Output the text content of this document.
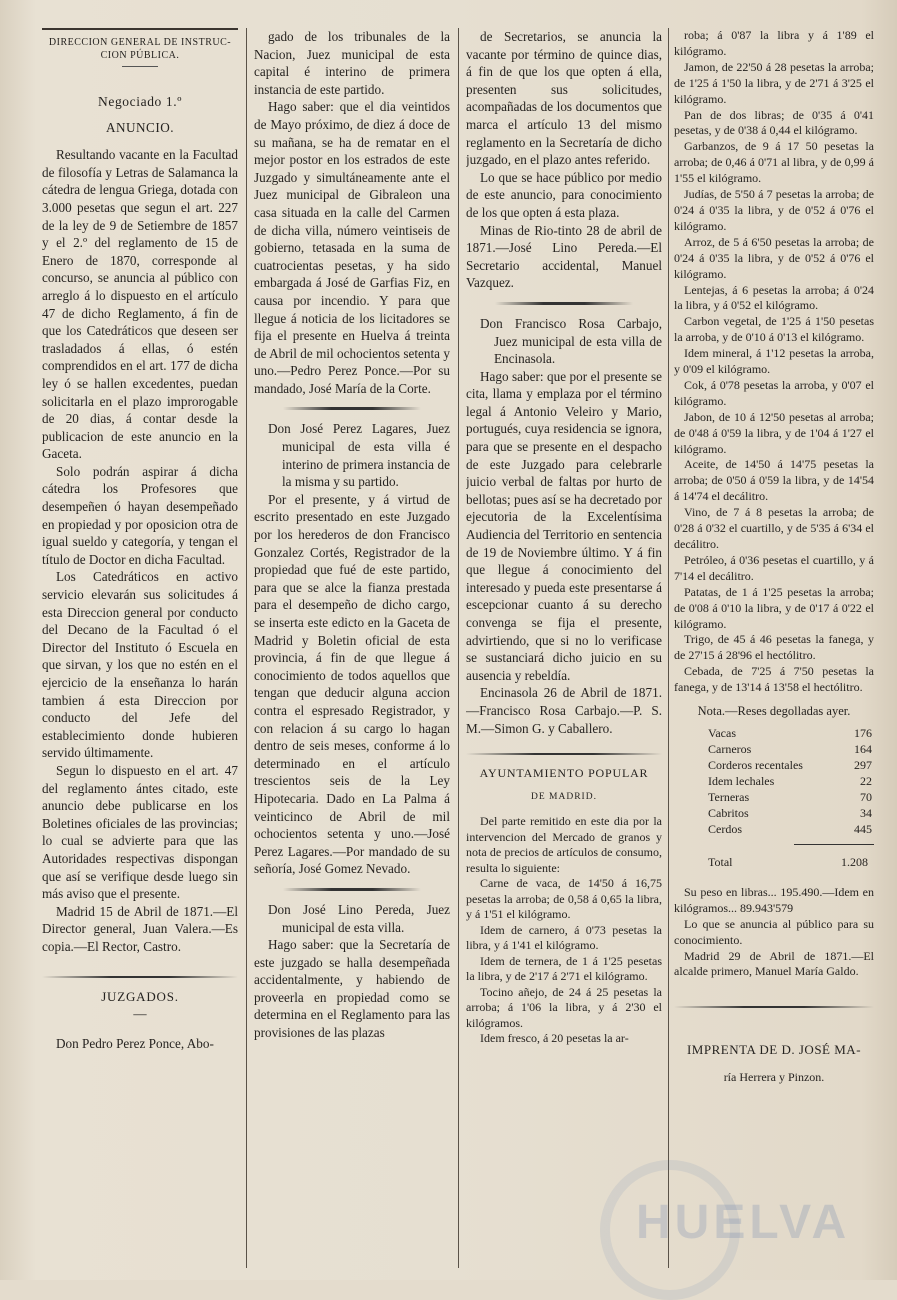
DIRECCION GENERAL DE INSTRUC-
CION PÚBLICA.
Negociado 1.º
ANUNCIO.

Resultando vacante en la Facultad de filosofía y Letras de Salamanca la cátedra de lengua Griega, dotada con 3.000 pesetas que segun el art. 227 de la ley de 9 de Setiembre de 1857 y el 2.º del reglamento de 15 de Enero de 1870, corresponde al concurso, se anuncia al público con arreglo á lo dispuesto en el artículo 47 de dicho Reglamento, á fin de que los Catedráticos que deseen ser trasladados á ellas, ó estén comprendidos en el art. 177 de dicha ley ó se hallen excedentes, puedan solicitarla en el plazo improrogable de 20 dias, á contar desde la publicacion de este anuncio en la Gaceta.

Solo podrán aspirar á dicha cátedra los Profesores que desempeñen ó hayan desempeñado en propiedad y por oposicion otra de igual sueldo y categoría, y tengan el título de Doctor en dicha Facultad.

Los Catedráticos en activo servicio elevarán sus solicitudes á esta Direccion general por conducto del Decano de la Facultad ó el Director del Instituto ó Escuela en que sirvan, y los que no estén en el ejercicio de la enseñanza lo harán tambien á esta Direccion por conducto del Jefe del establecimiento donde hubieren servido últimamente.

Segun lo dispuesto en el art. 47 del reglamento ántes citado, este anuncio debe publicarse en los Boletines oficiales de las provincias; lo cual se advierte para que las Autoridades respectivas dispongan que así se verifique desde luego sin más aviso que el presente.

Madrid 15 de Abril de 1871.—El Director general, Juan Valera.—Es copia.—El Rector, Castro.

JUZGADOS.
—

Don Pedro Perez Ponce, Abo-

gado de los tribunales de la Nacion, Juez municipal de esta capital é interino de primera instancia de este partido.

Hago saber: que el dia veintidos de Mayo próximo, de diez á doce de su mañana, se ha de rematar en el mejor postor en los estrados de este Juzgado y simultáneamente ante el Juez municipal de Gibraleon una casa situada en la calle del Carmen de dicha villa, número veintiseis de gobierno, tetasada en la suma de cuatrocientas pesetas, y ha sido embargada á José de Garfias Fiz, en causa por incendio. Y para que llegue á noticia de los licitadores se fija el presente en Huelva á treinta de Abril de mil ochocientos setenta y uno.—Pedro Perez Ponce.—Por su mandado, José María de la Corte.

Don José Perez Lagares, Juez municipal de esta villa é interino de primera instancia de la misma y su partido.

Por el presente, y á virtud de escrito presentado en este Juzgado por los herederos de don Francisco Gonzalez Cortés, Registrador de la propiedad que fué de este partido, para que se alce la fianza prestada para el desempeño de dicho cargo, se inserta este edicto en la Gaceta de Madrid y Boletin oficial de esta provincia, á fin de que llegue á conocimiento de todos aquellos que tengan que deducir alguna accion contra el espresado Registrador, y con relacion á su cargo lo hagan dentro de seis meses, conforme á lo determinado en el artículo trescientos seis de la Ley Hipotecaria. Dado en La Palma á veinticinco de Abril de mil ochocientos setenta y uno.—José Perez Lagares.—Por mandado de su señoría, José Gomez Nevado.

Don José Lino Pereda, Juez municipal de esta villa.

Hago saber: que la Secretaría de este juzgado se halla desempeñada accidentalmente, y habiendo de proveerla en propiedad como se determina en el Reglamento para las provisiones de las plazas

de Secretarios, se anuncia la vacante por término de quince dias, á fin de que los que opten á ella, presenten sus solicitudes, acompañadas de los documentos que marca el artículo 13 del mismo reglamento en la Secretaría de dicho juzgado, en el plazo antes referido.

Lo que se hace público por medio de este anuncio, para conocimiento de los que opten á esta plaza.

Minas de Rio-tinto 28 de abril de 1871.—José Lino Pereda.—El Secretario accidental, Manuel Vazquez.

Don Francisco Rosa Carbajo, Juez municipal de esta villa de Encinasola.

Hago saber: que por el presente se cita, llama y emplaza por el término legal á Antonio Veleiro y Mario, portugués, cuya residencia se ignora, para que se presente en el despacho de este Juzgado para celebrarle juicio verbal de faltas por hurto de bellotas; pues así se ha decretado por ejecutoria de la Excelentísima Audiencia del Territorio en sentencia de 19 de Noviembre último. Y á fin que llegue á conocimiento del interesado y pueda este presentarse á escepcionar cuanto á su derecho convenga se fija el presente, advirtiendo, que si no lo verificase se sustanciará dicho juicio en su ausencia y rebeldía.

Encinasola 26 de Abril de 1871.—Francisco Rosa Carbajo.—P. S. M.—Simon G. y Caballero.

AYUNTAMIENTO POPULAR
DE MADRID.

Del parte remitido en este dia por la intervencion del Mercado de granos y nota de precios de artículos de consumo, resulta lo siguiente:

Carne de vaca, de 14'50 á 16,75 pesetas la arroba; de 0,58 á 0,65 la libra, y á 1'51 el kilógramo.

Idem de carnero, á 0'73 pesetas la libra, y á 1'41 el kilógramo.

Idem de ternera, de 1 á 1'25 pesetas la libra, y de 2'17 á 2'71 el kilógramo.

Tocino añejo, de 24 á 25 pesetas la arroba; á 1'06 la libra, y á 2'30 el kilógramos.

Idem fresco, á 20 pesetas la ar-

roba; á 0'87 la libra y á 1'89 el kilógramo.

Jamon, de 22'50 á 28 pesetas la arroba; de 1'25 á 1'50 la libra, y de 2'71 á 3'25 el kilógramo.

Pan de dos libras; de 0'35 á 0'41 pesetas, y de 0'38 á 0,44 el kilógramo.

Garbanzos, de 9 á 17 50 pesetas la arroba; de 0,46 á 0'71 al libra, y de 0,99 á 1'55 el kilógramo.

Judías, de 5'50 á 7 pesetas la arroba; de 0'24 á 0'35 la libra, y de 0'52 á 0'76 el kilógramo.

Arroz, de 5 á 6'50 pesetas la arroba; de 0'24 á 0'35 la libra, y de 0'52 á 0'76 el kilógramo.

Lentejas, á 6 pesetas la arroba; á 0'24 la libra, y á 0'52 el kilógramo.

Carbon vegetal, de 1'25 á 1'50 pesetas la arroba, y de 0'10 á 0'13 el kilógramo.

Idem mineral, á 1'12 pesetas la arroba, y 0'09 el kilógramo.

Cok, á 0'78 pesetas la arroba, y 0'07 el kilógramo.

Jabon, de 10 á 12'50 pesetas al arroba; de 0'48 á 0'59 la libra, y de 1'04 á 1'27 el kilógramo.

Aceite, de 14'50 á 14'75 pesetas la arroba; de 0'50 á 0'59 la libra, y de 14'54 á 14'74 el decálitro.

Vino, de 7 á 8 pesetas la arroba; de 0'28 á 0'32 el cuartillo, y de 5'35 á 6'34 el decálitro.

Petróleo, á 0'36 pesetas el cuartillo, y á 7'14 el decálitro.

Patatas, de 1 á 1'25 pesetas la arroba; de 0'08 á 0'10 la libra, y de 0'17 á 0'22 el kilógramo.

Trigo, de 45 á 46 pesetas la fanega, y de 27'15 á 28'96 el hectólitro.

Cebada, de 7'25 á 7'50 pesetas la fanega, y de 13'14 á 13'58 el hectólitro.

Nota.—Reses degolladas ayer.
Vacas	176
Carneros	164
Corderos recentales	297
Idem lechales	22
Terneras	70
Cabritos	34
Cerdos	445
Total	1.208

Su peso en libras... 195.490.—Idem en kilógramos... 89.943'579

Lo que se anuncia al público para su conocimiento.

Madrid 29 de Abril de 1871.—El alcalde primero, Manuel María Galdo.

IMPRENTA DE D. JOSÉ MA-
ría Herrera y Pinzon.
HUELVA
